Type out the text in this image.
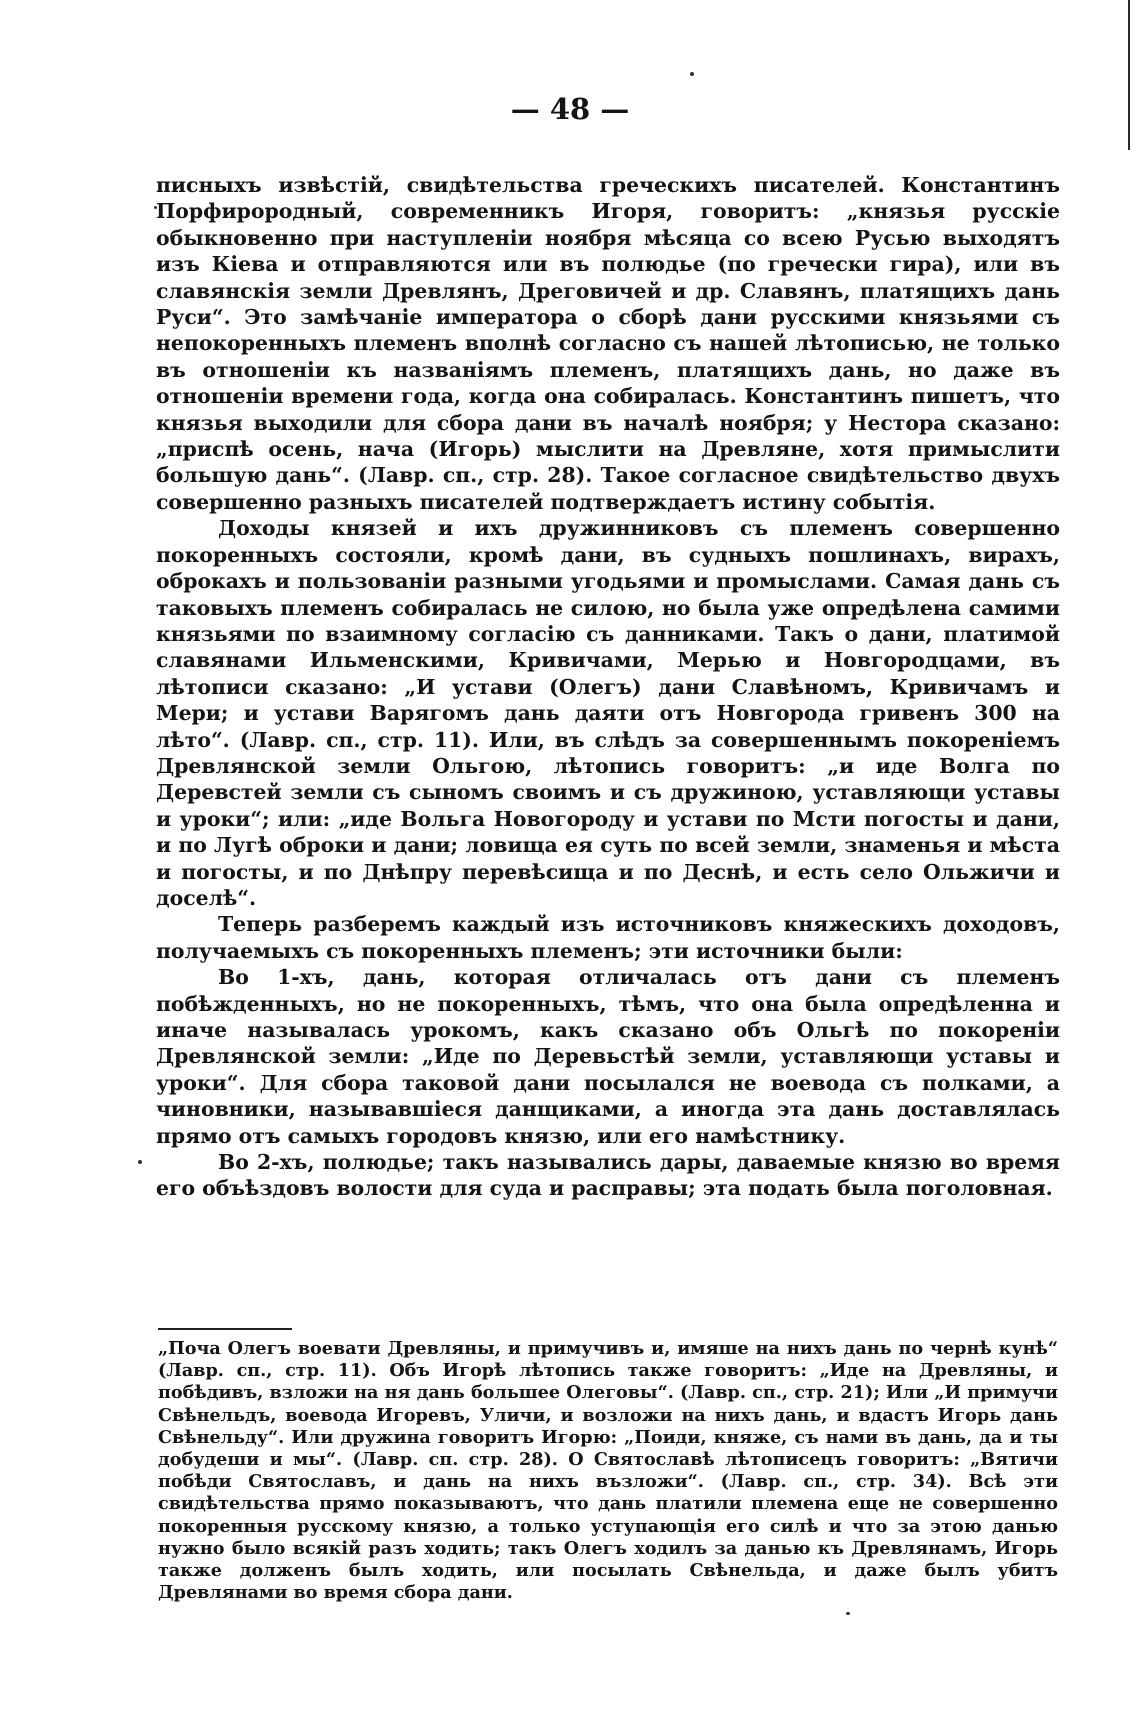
— 48 —

писныхъ извѣстій, свидѣтельства греческихъ писателей. Константинъ Порфирородный, современникъ Игоря, говоритъ: „князья русскіе обыкновенно при наступленіи ноября мѣсяца со всею Русью выходятъ изъ Кіева и отправляются или въ полюдье (по гречески гира), или въ славянскія земли Древлянъ, Дреговичей и др. Славянъ, платящихъ дань Руси“. Это замѣчаніе императора о сборѣ дани русскими князьями съ непокоренныхъ племенъ вполнѣ согласно съ нашей лѣтописью, не только въ отношеніи къ названіямъ племенъ, платящихъ дань, но даже въ отношеніи времени года, когда она собиралась. Константинъ пишетъ, что князья выходили для сбора дани въ началѣ ноября; у Нестора сказано: „приспѣ осень, нача (Игорь) мыслити на Древляне, хотя примыслити большую дань“. (Лавр. сп., стр. 28). Такое согласное свидѣтельство двухъ совершенно разныхъ писателей подтверждаетъ истину событія.

Доходы князей и ихъ дружинниковъ съ племенъ совершенно покоренныхъ состояли, кромѣ дани, въ судныхъ пошлинахъ, вирахъ, оброкахъ и пользованіи разными угодьями и промыслами. Самая дань съ таковыхъ племенъ собиралась не силою, но была уже опредѣлена самими князьями по взаимному согласію съ данниками. Такъ о дани, платимой славянами Ильменскими, Кривичами, Мерью и Новгородцами, въ лѣтописи сказано: „И устави (Олегъ) дани Славѣномъ, Кривичамъ и Мери; и устави Варягомъ дань даяти отъ Новгорода гривенъ 300 на лѣто“. (Лавр. сп., стр. 11). Или, въ слѣдъ за совершеннымъ покореніемъ Древлянской земли Ольгою, лѣтопись говоритъ: „и иде Волга по Деревстей земли съ сыномъ своимъ и съ дружиною, уставляющи уставы и уроки“; или: „иде Вольга Новогороду и устави по Мсти погосты и дани, и по Лугѣ оброки и дани; ловища ея суть по всей земли, знаменья и мѣста и погосты, и по Днѣпру перевѣсища и по Деснѣ, и есть село Ольжичи и доселѣ“.

Теперь разберемъ каждый изъ источниковъ княжескихъ доходовъ, получаемыхъ съ покоренныхъ племенъ; эти источники были:

Во 1-хъ, дань, которая отличалась отъ дани съ племенъ побѣжденныхъ, но не покоренныхъ, тѣмъ, что она была опредѣленна и иначе называлась урокомъ, какъ сказано объ Ольгѣ по покореніи Древлянской земли: „Иде по Деревьстѣй земли, уставляющи уставы и уроки“. Для сбора таковой дани посылался не воевода съ полками, а чиновники, называвшіеся данщиками, а иногда эта дань доставлялась прямо отъ самыхъ городовъ князю, или его намѣстнику.

Во 2-хъ, полюдье; такъ назывались дары, даваемые князю во время его объѣздовъ волости для суда и расправы; эта подать была поголовная.

„Поча Олегъ воевати Древляны, и примучивъ и, имяше на нихъ дань по чернѣ кунѣ“ (Лавр. сп., стр. 11). Объ Игорѣ лѣтопись также говоритъ: „Иде на Древляны, и побѣдивъ, взложи на ня дань большее Олеговы“. (Лавр. сп., стр. 21); Или „И примучи Свѣнельдъ, воевода Игоревъ, Уличи, и возложи на нихъ дань, и вдастъ Игорь дань Свѣнельду“. Или дружина говоритъ Игорю: „Поиди, княже, съ нами въ дань, да и ты добудеши и мы“. (Лавр. сп. стр. 28). О Святославѣ лѣтописецъ говоритъ: „Вятичи побѣди Святославъ, и дань на нихъ възложи“. (Лавр. сп., стр. 34). Всѣ эти свидѣтельства прямо показываютъ, что дань платили племена еще не совершенно покоренныя русскому князю, а только уступающія его силѣ и что за этою данью нужно было всякій разъ ходить; такъ Олегъ ходилъ за данью къ Древлянамъ, Игорь также долженъ былъ ходить, или посылать Свѣнельда, и даже былъ убитъ Древлянами во время сбора дани.
